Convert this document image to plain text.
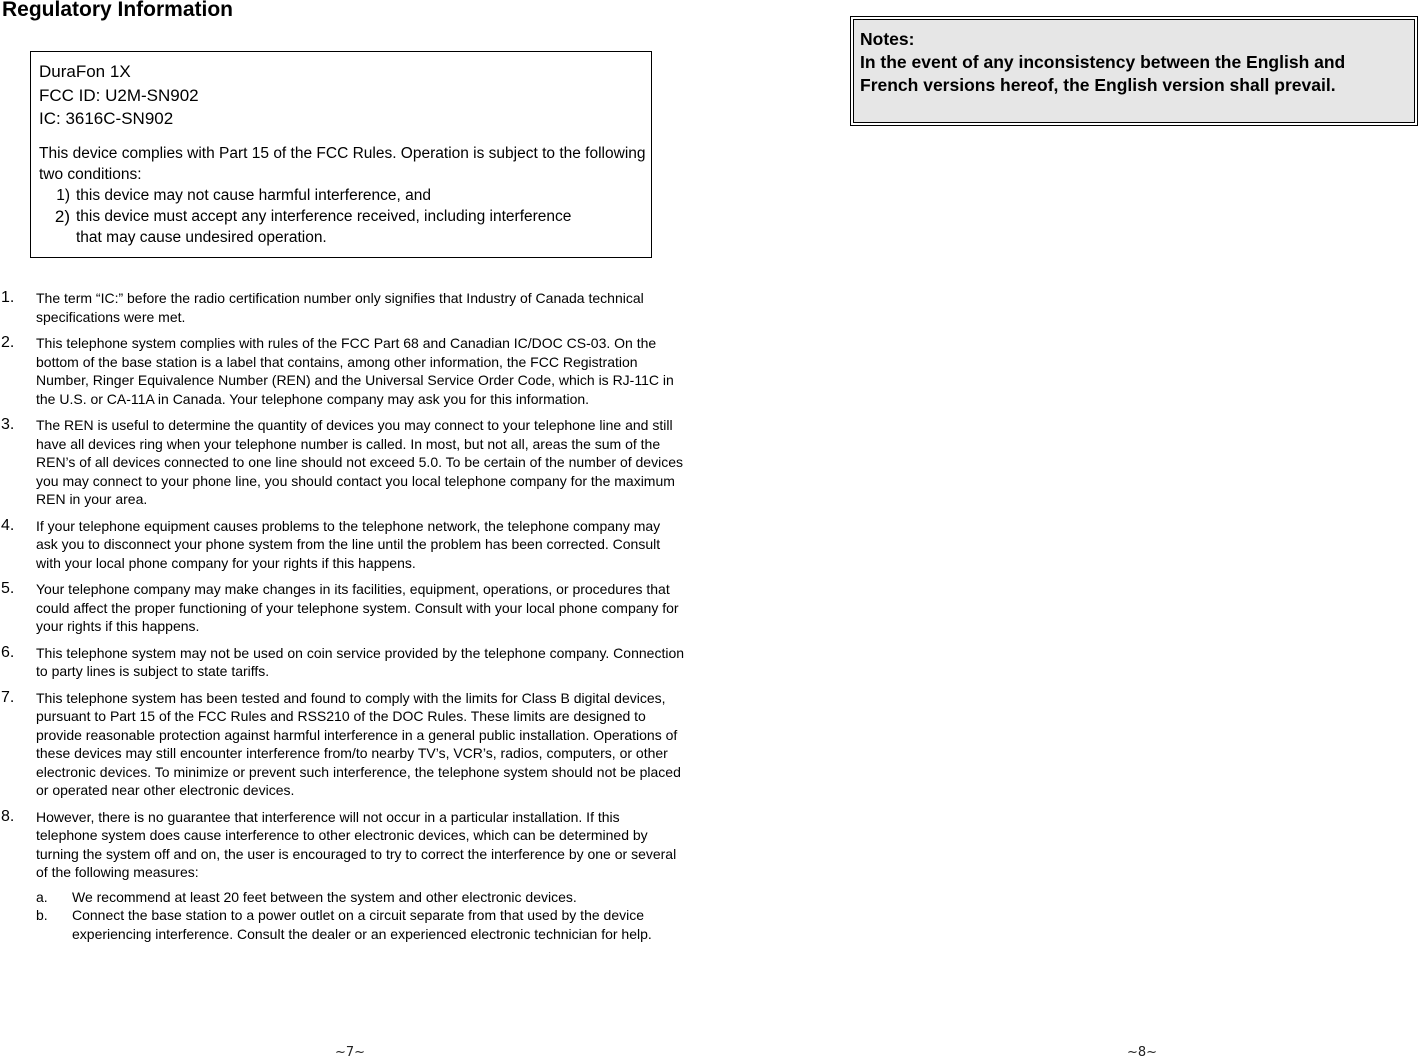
Regulatory Information
DuraFon 1X
FCC ID: U2M-SN902
IC: 3616C-SN902
This device complies with Part 15 of the FCC Rules. Operation is subject to the following two conditions:
1) this device may not cause harmful interference, and
2) this device must accept any interference received, including interference that may cause undesired operation.
1.	The term “IC:” before the radio certification number only signifies that Industry of Canada technical specifications were met.
2.	This telephone system complies with rules of the FCC Part 68 and Canadian IC/DOC CS-03. On the bottom of the base station is a label that contains, among other information, the FCC Registration Number, Ringer Equivalence Number (REN) and the Universal Service Order Code, which is RJ-11C in the U.S. or CA-11A in Canada. Your telephone company may ask you for this information.
3.	The REN is useful to determine the quantity of devices you may connect to your telephone line and still have all devices ring when your telephone number is called. In most, but not all, areas the sum of the REN’s of all devices connected to one line should not exceed 5.0. To be certain of the number of devices you may connect to your phone line, you should contact you local telephone company for the maximum REN in your area.
4.	If your telephone equipment causes problems to the telephone network, the telephone company may ask you to disconnect your phone system from the line until the problem has been corrected. Consult with your local phone company for your rights if this happens.
5.	Your telephone company may make changes in its facilities, equipment, operations, or procedures that could affect the proper functioning of your telephone system. Consult with your local phone company for your rights if this happens.
6.	This telephone system may not be used on coin service provided by the telephone company. Connection to party lines is subject to state tariffs.
7.	This telephone system has been tested and found to comply with the limits for Class B digital devices, pursuant to Part 15 of the FCC Rules and RSS210 of the DOC Rules. These limits are designed to provide reasonable protection against harmful interference in a general public installation. Operations of these devices may still encounter interference from/to nearby TV’s, VCR’s, radios, computers, or other electronic devices. To minimize or prevent such interference, the telephone system should not be placed or operated near other electronic devices.
8.	However, there is no guarantee that interference will not occur in a particular installation. If this telephone system does cause interference to other electronic devices, which can be determined by turning the system off and on, the user is encouraged to try to correct the interference by one or several of the following measures:
a.	We recommend at least 20 feet between the system and other electronic devices.
b.	Connect the base station to a power outlet on a circuit separate from that used by the device experiencing interference. Consult the dealer or an experienced electronic technician for help.
~7~
Notes:
In the event of any inconsistency between the English and French versions hereof, the English version shall prevail.
~8~
